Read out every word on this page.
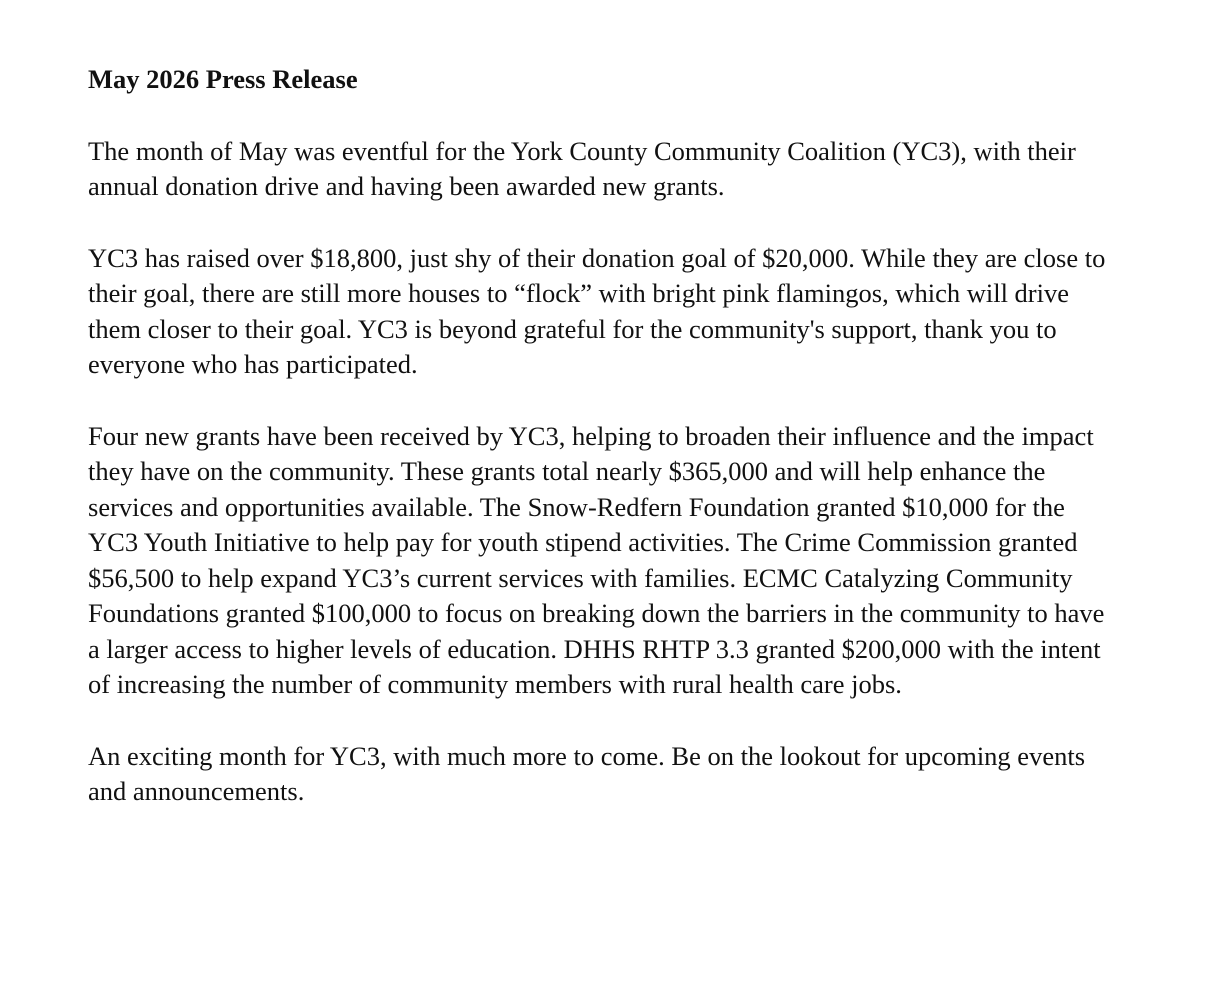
May 2026 Press Release

The month of May was eventful for the York County Community Coalition (YC3), with their annual donation drive and having been awarded new grants.

YC3 has raised over $18,800, just shy of their donation goal of $20,000. While they are close to their goal, there are still more houses to “flock” with bright pink flamingos, which will drive them closer to their goal. YC3 is beyond grateful for the community's support, thank you to everyone who has participated.

Four new grants have been received by YC3, helping to broaden their influence and the impact they have on the community. These grants total nearly $365,000 and will help enhance the services and opportunities available. The Snow-Redfern Foundation granted $10,000 for the YC3 Youth Initiative to help pay for youth stipend activities. The Crime Commission granted $56,500 to help expand YC3’s current services with families. ECMC Catalyzing Community Foundations granted $100,000 to focus on breaking down the barriers in the community to have a larger access to higher levels of education. DHHS RHTP 3.3 granted $200,000 with the intent of increasing the number of community members with rural health care jobs.

An exciting month for YC3, with much more to come. Be on the lookout for upcoming events and announcements.
